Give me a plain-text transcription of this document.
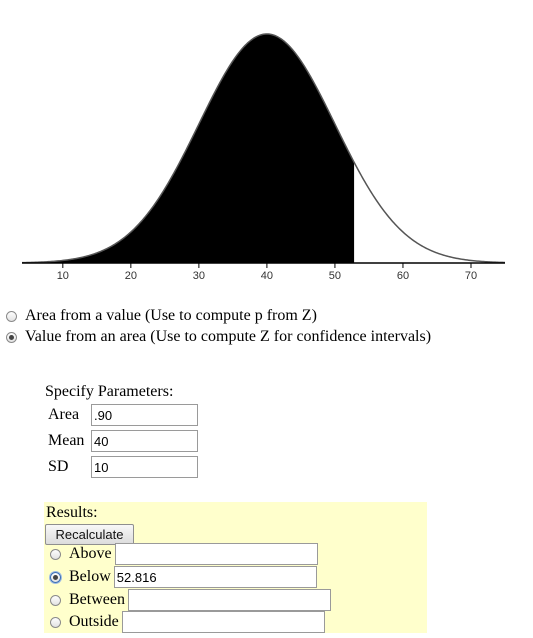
10	20	30	40	50	60	70
Area from a value (Use to compute p from Z)
Value from an area (Use to compute Z for confidence intervals)
Specify Parameters:
Area
.90
Mean
40
SD
10
Results:
Recalculate
Above
Below
52.816
Between
Outside
